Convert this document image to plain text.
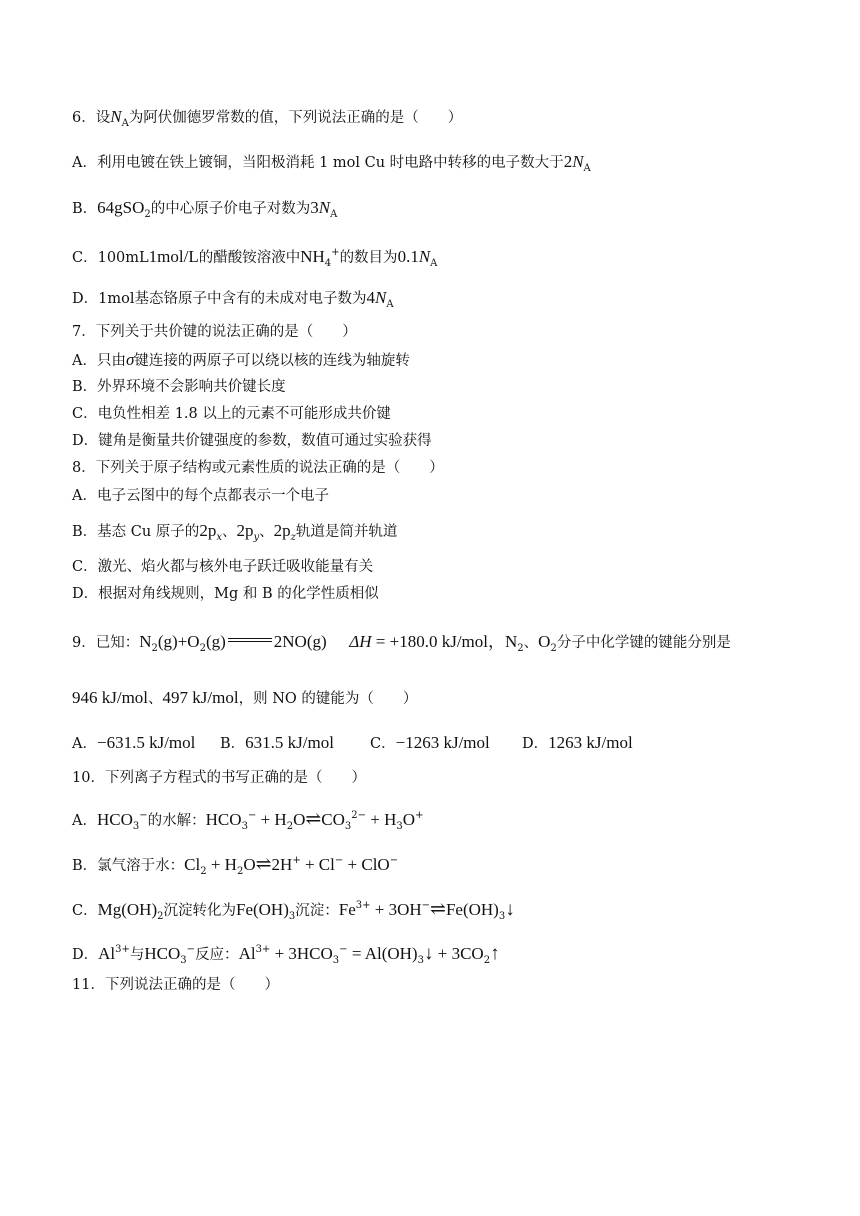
6．设$N_A$为阿伏伽德罗常数的值，下列说法正确的是（　　）
A．利用电镀在铁上镀铜，当阳极消耗 1 mol Cu 时电路中转移的电子数大于$2N_A$
B．64gSO$_2$的中心原子价电子对数为$3N_A$
C．100mL1mol/L的醋酸铵溶液中$NH_4^+$的数目为$0.1N_A$
D．1mol基态铬原子中含有的未成对电子数为$4N_A$
7．下列关于共价键的说法正确的是（　　）
A．只由σ键连接的两原子可以绕以核的连线为轴旋转
B．外界环境不会影响共价键长度
C．电负性相差 1.8 以上的元素不可能形成共价键
D．键角是衡量共价键强度的参数，数值可通过实验获得
8．下列关于原子结构或元素性质的说法正确的是（　　）
A．电子云图中的每个点都表示一个电子
B．基态 Cu 原子的$2p_x$、$2p_y$、$2p_z$轨道是简并轨道
C．激光、焰火都与核外电子跃迁吸收能量有关
D．根据对角线规则，Mg 和 B 的化学性质相似
9．已知：$N_2(g)+O_2(g)$	2NO(g) ΔH = +180.0 kJ/mol，$N_2$、$O_2$分子中化学键的键能分别是
946 kJ/mol、497 kJ/mol，则 NO 的键能为（　　）
A．−631.5 kJ/mol B．631.5 kJ/mol C．−1263 kJ/mol D．1263 kJ/mol
10．下列离子方程式的书写正确的是（　　）
A．$HCO_3^-$的水解：$HCO_3^-$ + $H_2O\rightleftharpoons CO_3^{2-} + H_3O^+$
B．氯气溶于水：$Cl_2$ + $H_2O\rightleftharpoons 2H^+ + Cl^- + ClO^-$
C．$Mg(OH)_2$沉淀转化为$Fe(OH)_3$沉淀：$Fe^{3+}$ + $3OH^-\rightleftharpoons Fe(OH)_3↓$
D．$Al^{3+}$与$HCO_3^-$反应：$Al^{3+} + 3HCO_3^-$ = $Al(OH)_3↓$ + $3CO_2↑$
11．下列说法正确的是（　　）
